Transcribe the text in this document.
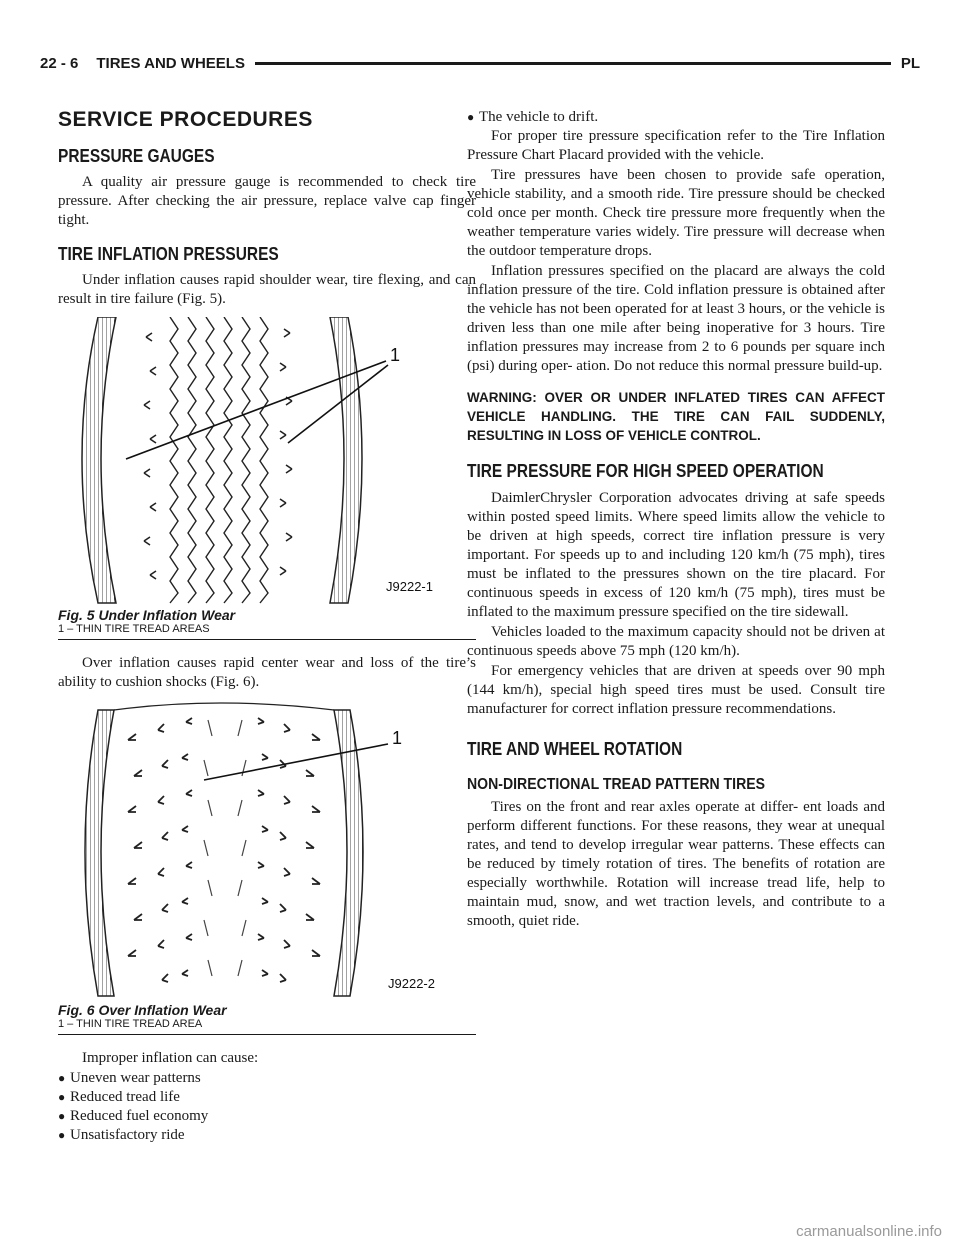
22 - 6 TIRES AND WHEELS	PL
SERVICE PROCEDURES
PRESSURE GAUGES

A quality air pressure gauge is recommended to check tire pressure. After checking the air pressure, replace valve cap finger tight.

TIRE INFLATION PRESSURES

Under inflation causes rapid shoulder wear, tire flexing, and can result in tire failure (Fig. 5).

1
J9222-1
Fig. 5 Under Inflation Wear
1 – THIN TIRE TREAD AREAS

Over inflation causes rapid center wear and loss of the tire’s ability to cushion shocks (Fig. 6).

1
J9222-2
Fig. 6 Over Inflation Wear
1 – THIN TIRE TREAD AREA

Improper inflation can cause:

● Uneven wear patterns
● Reduced tread life
● Reduced fuel economy
● Unsatisfactory ride
● The vehicle to drift.

For proper tire pressure specification refer to the Tire Inflation Pressure Chart Placard provided with the vehicle.

Tire pressures have been chosen to provide safe operation, vehicle stability, and a smooth ride. Tire pressure should be checked cold once per month. Check tire pressure more frequently when the weather temperature varies widely. Tire pressure will decrease when the outdoor temperature drops.

Inflation pressures specified on the placard are always the cold inflation pressure of the tire. Cold inflation pressure is obtained after the vehicle has not been operated for at least 3 hours, or the vehicle is driven less than one mile after being inoperative for 3 hours. Tire inflation pressures may increase from 2 to 6 pounds per square inch (psi) during oper- ation. Do not reduce this normal pressure build-up.

WARNING: OVER OR UNDER INFLATED TIRES CAN AFFECT VEHICLE HANDLING. THE TIRE CAN FAIL SUDDENLY, RESULTING IN LOSS OF VEHICLE CONTROL.
TIRE PRESSURE FOR HIGH SPEED OPERATION

DaimlerChrysler Corporation advocates driving at safe speeds within posted speed limits. Where speed limits allow the vehicle to be driven at high speeds, correct tire inflation pressure is very important. For speeds up to and including 120 km/h (75 mph), tires must be inflated to the pressures shown on the tire placard. For continuous speeds in excess of 120 km/h (75 mph), tires must be inflated to the maximum pressure specified on the tire sidewall.

Vehicles loaded to the maximum capacity should not be driven at continuous speeds above 75 mph (120 km/h).

For emergency vehicles that are driven at speeds over 90 mph (144 km/h), special high speed tires must be used. Consult tire manufacturer for correct inflation pressure recommendations.

TIRE AND WHEEL ROTATION
NON-DIRECTIONAL TREAD PATTERN TIRES

Tires on the front and rear axles operate at differ- ent loads and perform different functions. For these reasons, they wear at unequal rates, and tend to develop irregular wear patterns. These effects can be reduced by timely rotation of tires. The benefits of rotation are especially worthwhile. Rotation will increase tread life, help to maintain mud, snow, and wet traction levels, and contribute to a smooth, quiet ride.

carmanualsonline.info
